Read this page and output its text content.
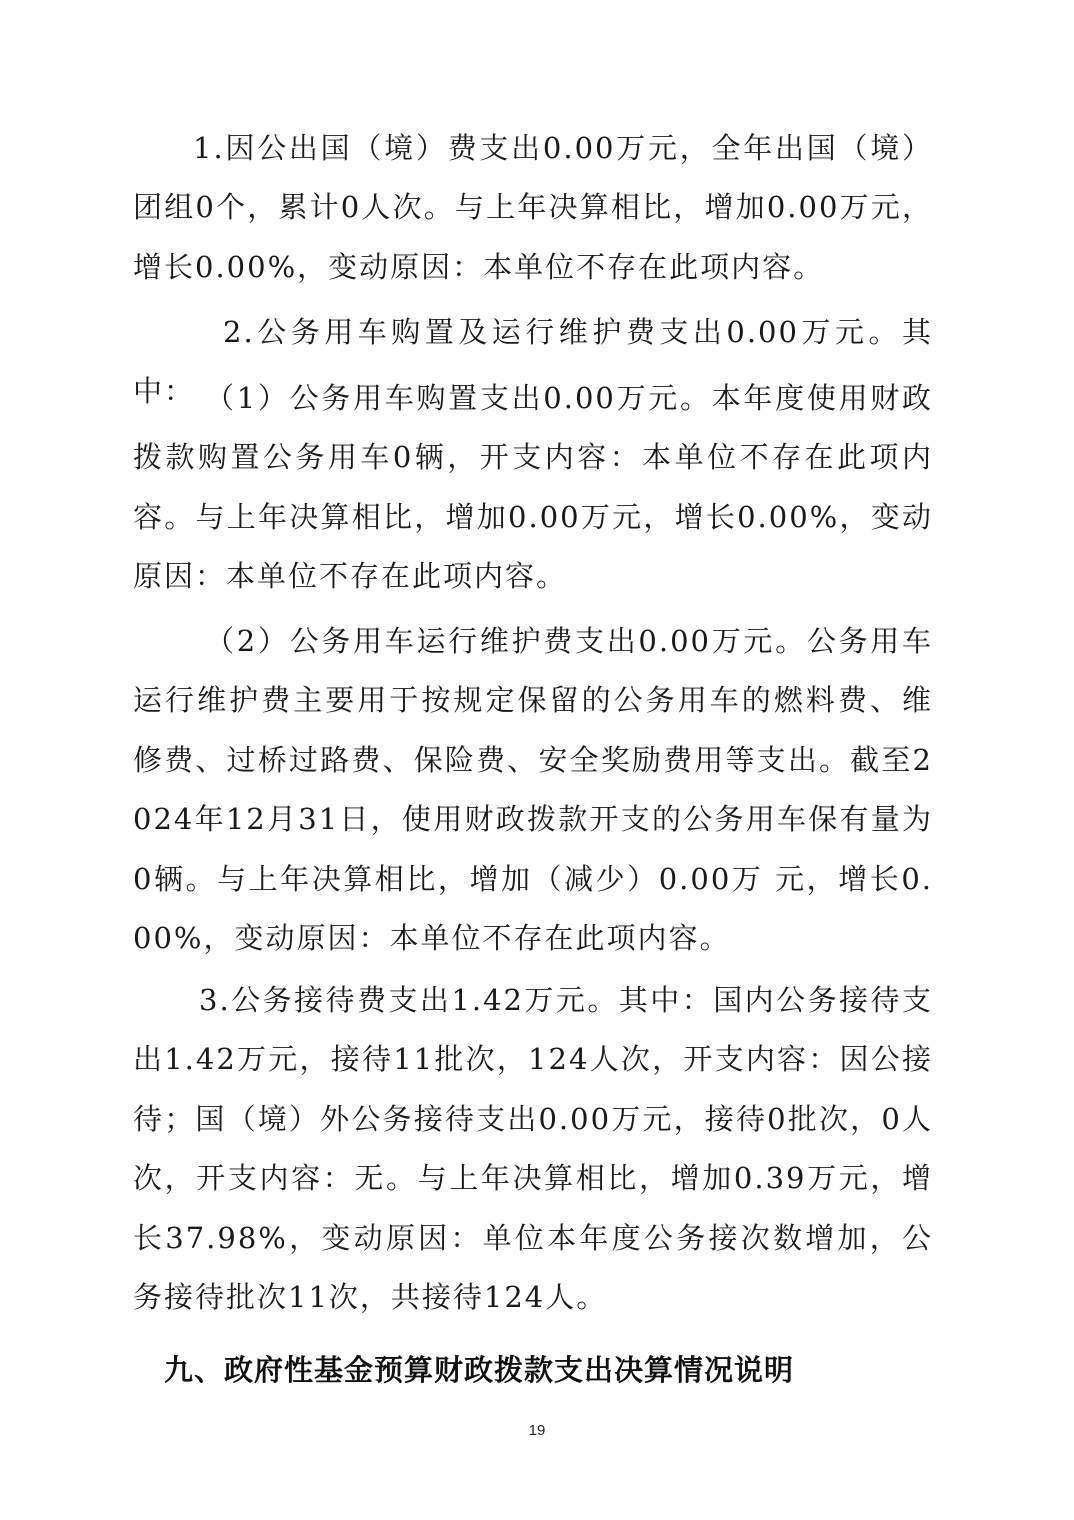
1.因公出国（境）费支出0.00万元，全年出国（境）团组0个，累计0人次。与上年决算相比，增加0.00万元，增长0.00%，变动原因：本单位不存在此项内容。

2.公务用车购置及运行维护费支出0.00万元。其中： （1）公务用车购置支出0.00万元。本年度使用财政拨款购置公务用车0辆，开支内容：本单位不存在此项内容。与上年决算相比，增加0.00万元，增长0.00%，变动原因：本单位不存在此项内容。

（2）公务用车运行维护费支出0.00万元。公务用车运行维护费主要用于按规定保留的公务用车的燃料费、维修费、过桥过路费、保险费、安全奖励费用等支出。截至2024年12月31日，使用财政拨款开支的公务用车保有量为0辆。与上年决算相比，增加（减少）0.00万 元，增长0.00%，变动原因：本单位不存在此项内容。

3.公务接待费支出1.42万元。其中：国内公务接待支出1.42万元，接待11批次，124人次，开支内容：因公接待；国（境）外公务接待支出0.00万元，接待0批次，0人次，开支内容：无。与上年决算相比，增加0.39万元，增长37.98%，变动原因：单位本年度公务接次数增加，公务接待批次11次，共接待124人。

九、政府性基金预算财政拨款支出决算情况说明
19
